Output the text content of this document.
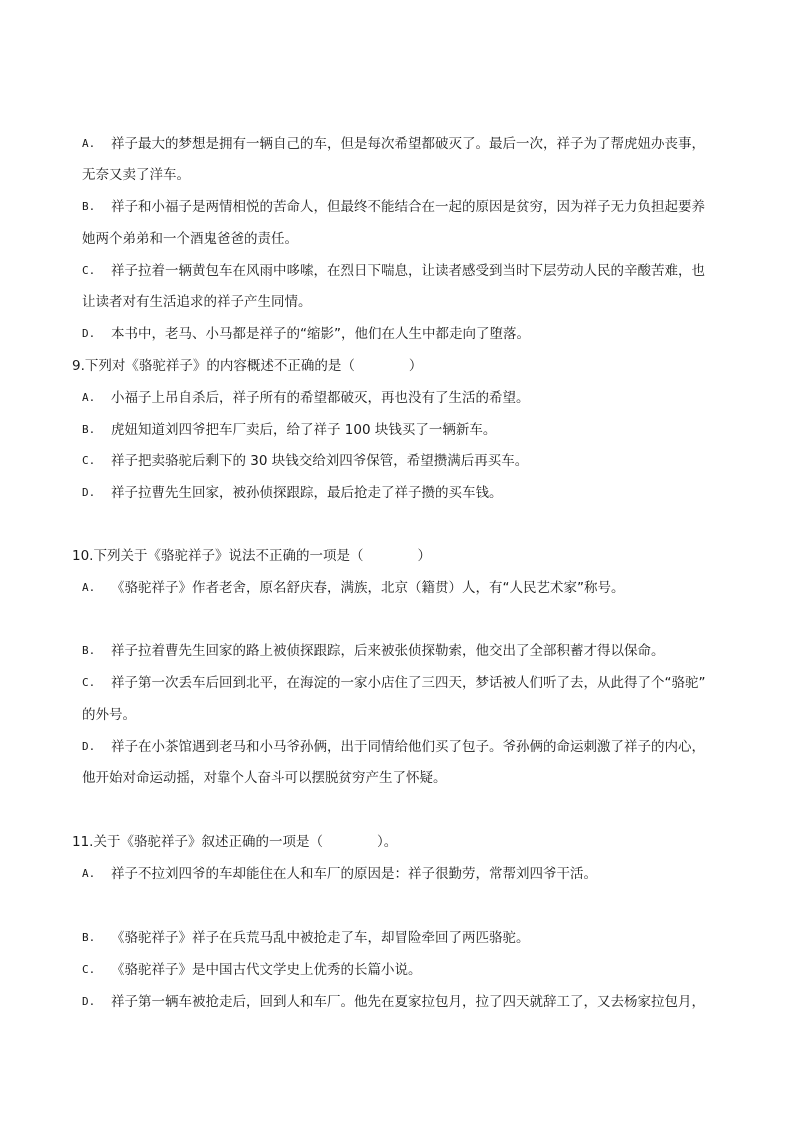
A. 祥子最大的梦想是拥有一辆自己的车，但是每次希望都破灭了。最后一次，祥子为了帮虎妞办丧事，
无奈又卖了洋车。
B. 祥子和小福子是两情相悦的苦命人，但最终不能结合在一起的原因是贫穷，因为祥子无力负担起要养
她两个弟弟和一个酒鬼爸爸的责任。
C. 祥子拉着一辆黄包车在风雨中哆嗦，在烈日下喘息，让读者感受到当时下层劳动人民的辛酸苦难，也
让读者对有生活追求的祥子产生同情。
D. 本书中，老马、小马都是祥子的“缩影”，他们在人生中都走向了堕落。
9.下列对《骆驼祥子》的内容概述不正确的是（　　　　）
A. 小福子上吊自杀后，祥子所有的希望都破灭，再也没有了生活的希望。
B. 虎妞知道刘四爷把车厂卖后，给了祥子 100 块钱买了一辆新车。
C. 祥子把卖骆驼后剩下的 30 块钱交给刘四爷保管，希望攒满后再买车。
D. 祥子拉曹先生回家，被孙侦探跟踪，最后抢走了祥子攒的买车钱。
10.下列关于《骆驼祥子》说法不正确的一项是（　　　　）
A. 《骆驼祥子》作者老舍，原名舒庆春，满族，北京（籍贯）人，有“人民艺术家”称号。
B. 祥子拉着曹先生回家的路上被侦探跟踪，后来被张侦探勒索，他交出了全部积蓄才得以保命。
C. 祥子第一次丢车后回到北平，在海淀的一家小店住了三四天，梦话被人们听了去，从此得了个“骆驼”
的外号。
D. 祥子在小茶馆遇到老马和小马爷孙俩，出于同情给他们买了包子。爷孙俩的命运刺激了祥子的内心，
他开始对命运动摇，对靠个人奋斗可以摆脱贫穷产生了怀疑。
11.关于《骆驼祥子》叙述正确的一项是（　　　　）。
A. 祥子不拉刘四爷的车却能住在人和车厂的原因是：祥子很勤劳，常帮刘四爷干活。
B. 《骆驼祥子》祥子在兵荒马乱中被抢走了车，却冒险牵回了两匹骆驼。
C. 《骆驼祥子》是中国古代文学史上优秀的长篇小说。
D. 祥子第一辆车被抢走后，回到人和车厂。他先在夏家拉包月，拉了四天就辞工了，又去杨家拉包月，
